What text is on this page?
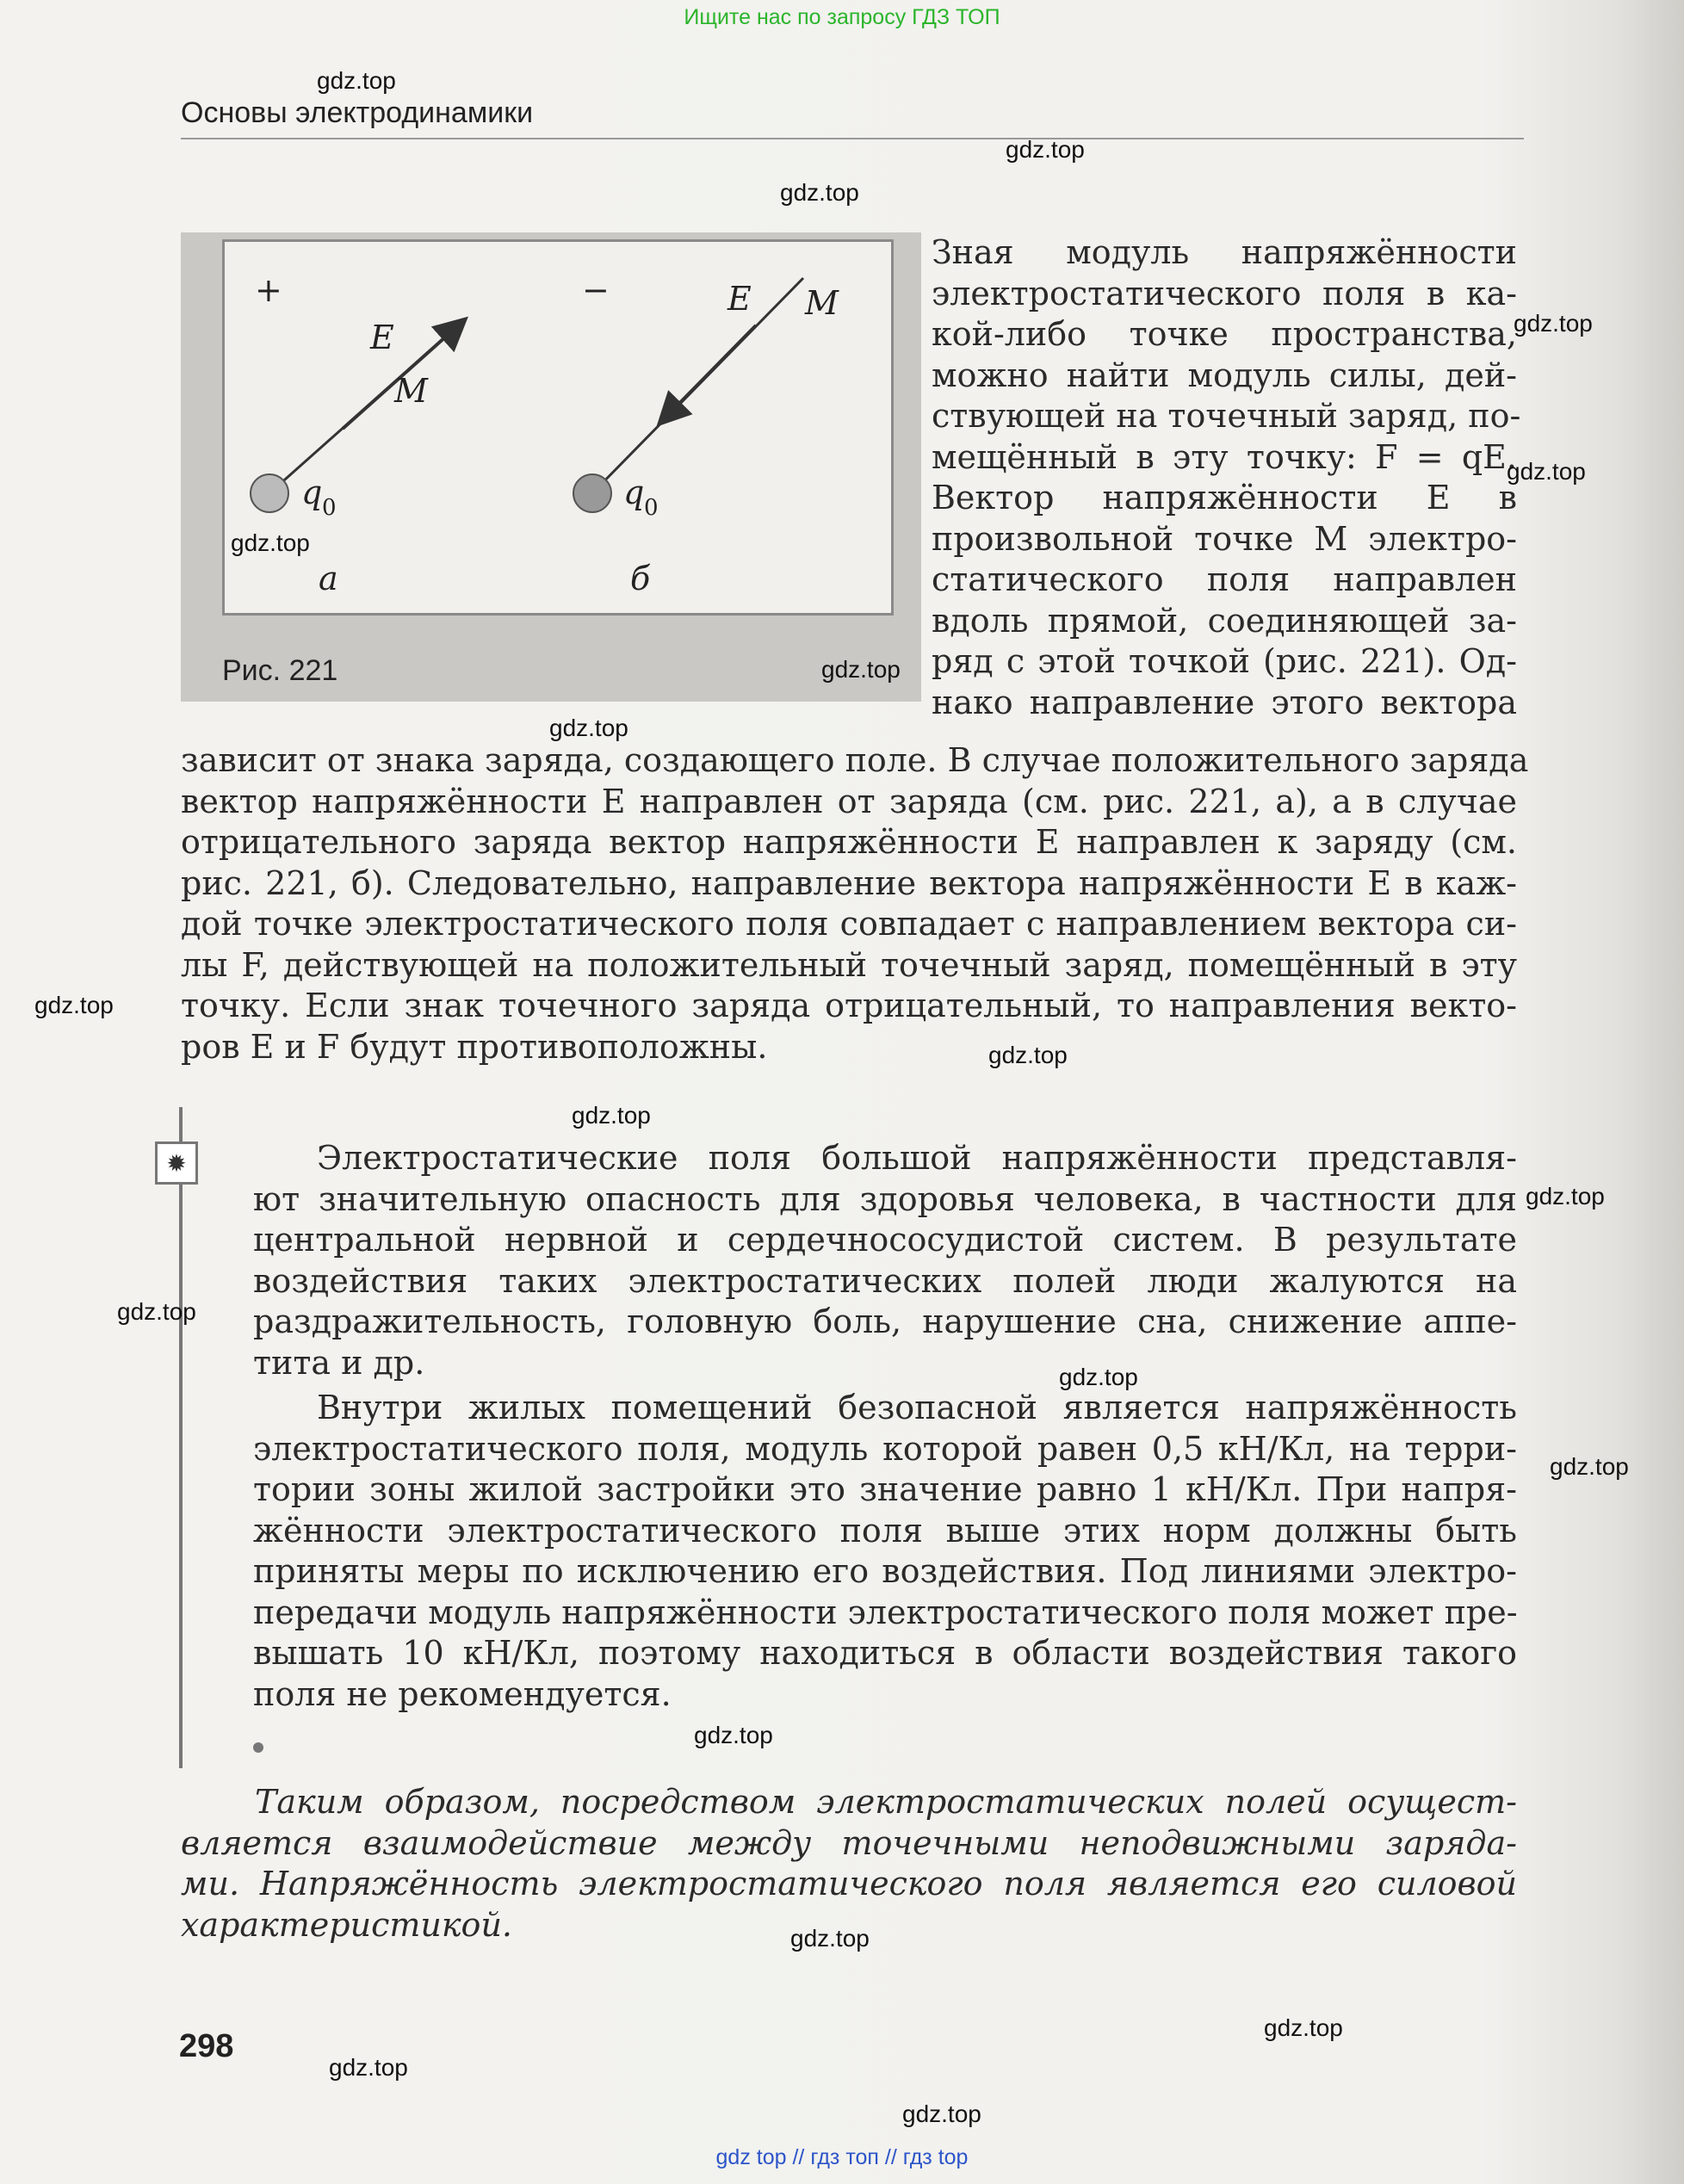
Ищите нас по запросу ГДЗ ТОП
Основы электродинамики
+	−
E
M
q 0
a
E M
q 0
б
Рис. 221
Зная модуль напряжённости
электростатического поля в ка-
кой-либо точке пространства,
можно найти модуль силы, дей-
ствующей на точечный заряд, по-
мещённый в эту точку: F = qE.
Вектор напряжённости E в
произвольной точке M электро-
статического поля направлен
вдоль прямой, соединяющей за-
ряд с этой точкой (рис. 221). Од-
нако направление этого вектора
зависит от знака заряда, создающего поле. В случае положительного заряда
вектор напряжённости E направлен от заряда (см. рис. 221, а), а в случае
отрицательного заряда вектор напряжённости E направлен к заряду (см.
рис. 221, б). Следовательно, направление вектора напряжённости E в каж-
дой точке электростатического поля совпадает с направлением вектора си-
лы F, действующей на положительный точечный заряд, помещённый в эту
точку. Если знак точечного заряда отрицательный, то направления векто-
ров E и F будут противоположны.
✹	Электростатические поля большой напряжённости представля-
ют значительную опасность для здоровья человека, в частности для
центральной нервной и сердечнососудистой систем. В результате
воздействия таких электростатических полей люди жалуются на
раздражительность, головную боль, нарушение сна, снижение аппе-
тита и др.
Внутри жилых помещений безопасной является напряжённость
электростатического поля, модуль которой равен 0,5 кН/Кл, на терри-
тории зоны жилой застройки это значение равно 1 кН/Кл. При напря-
жённости электростатического поля выше этих норм должны быть
приняты меры по исключению его воздействия. Под линиями электро-
передачи модуль напряжённости электростатического поля может пре-
вышать 10 кН/Кл, поэтому находиться в области воздействия такого
поля не рекомендуется.
Таким образом, посредством электростатических полей осущест-
вляется взаимодействие между точечными неподвижными заряда-
ми. Напряжённость электростатического поля является его силовой
характеристикой.
298
gdz.top
gdz.top
gdz.top
gdz.top
gdz.top
gdz.top
gdz.top
gdz.top
gdz.top
gdz.top
gdz.top
gdz.top
gdz.top
gdz.top
gdz.top
gdz.top
gdz.top
gdz.top
gdz.top
gdz.top
gdz top // гдз топ // гдз top
